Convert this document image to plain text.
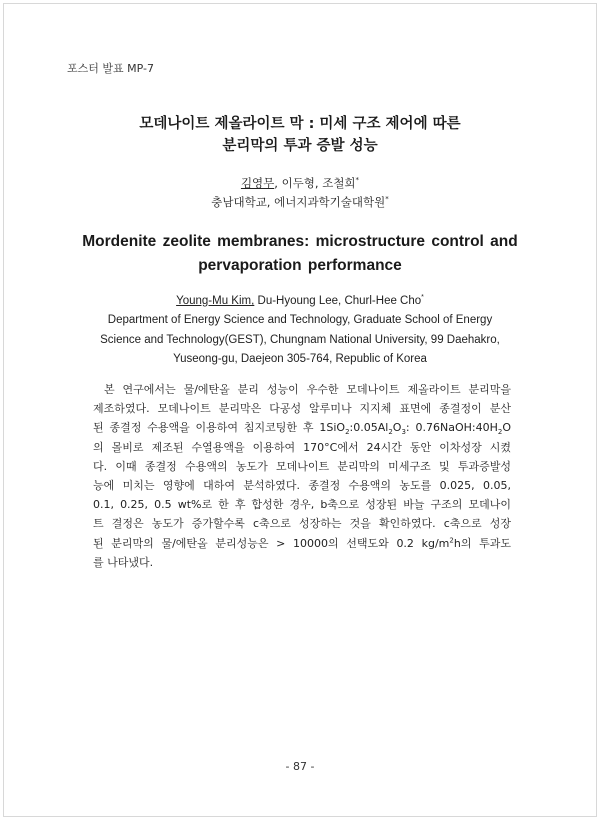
포스터 발표 MP-7
모데나이트 제올라이트 막 : 미세 구조 제어에 따른
분리막의 투과 증발 성능
김영무, 이두형, 조철희*
충남대학교, 에너지과학기술대학원*
Mordenite zeolite membranes: microstructure control and
pervaporation performance
Young-Mu Kim, Du-Hyoung Lee, Churl-Hee Cho*
Department of Energy Science and Technology, Graduate School of Energy
Science and Technology(GEST), Chungnam National University, 99 Daehakro,
Yuseong-gu, Daejeon 305-764, Republic of Korea
본 연구에서는 물/에탄올 분리 성능이 우수한 모데나이트 제올라이트 분리막을
제조하였다. 모데나이트 분리막은 다공성 알루미나 지지체 표면에 종결정이 분산
된 종결정 수용액을 이용하여 침지코팅한 후 $1SiO_2:0.05Al_2O_3$: $0.76NaOH:40H_2O$
의 몰비로 제조된 수열용액을 이용하여 170°C에서 24시간 동안 이차성장 시켰
다. 이때 종결정 수용액의 농도가 모데나이트 분리막의 미세구조 및 투과증발성
능에 미치는 영향에 대하여 분석하였다. 종결정 수용액의 농도를 0.025, 0.05,
0.1, 0.25, 0.5 wt%로 한 후 합성한 경우, b축으로 성장된 바늘 구조의 모데나이
트 결정은 농도가 증가할수록 c축으로 성장하는 것을 확인하였다. c축으로 성장
된 분리막의 물/에탄올 분리성능은 > 10000의 선택도와 0.2 $kg/m^2h$의 투과도
를 나타냈다.
- 87 -
